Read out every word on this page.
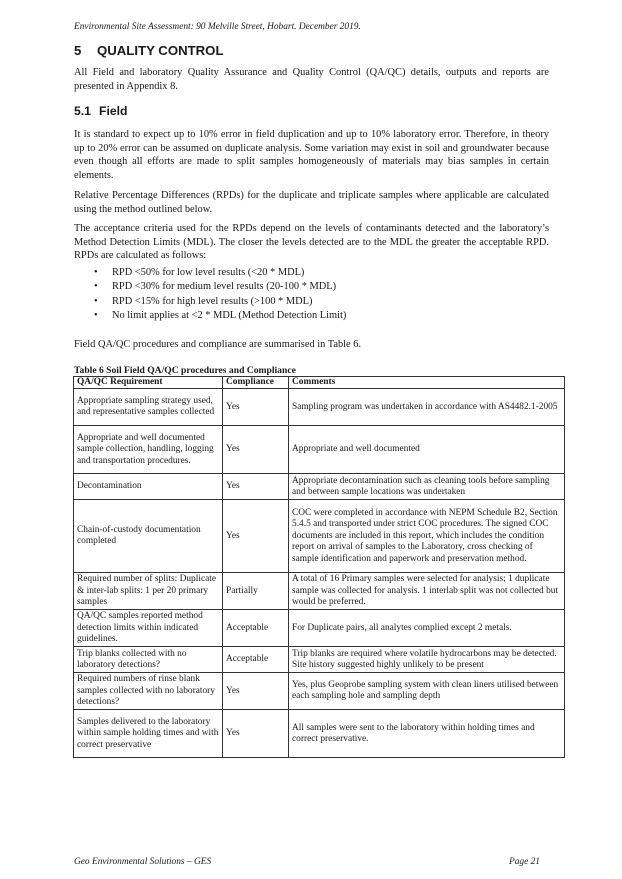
Environmental Site Assessment: 90 Melville Street, Hobart. December 2019.
5 QUALITY CONTROL
All Field and laboratory Quality Assurance and Quality Control (QA/QC) details, outputs and reports are presented in Appendix 8.
5.1 Field
It is standard to expect up to 10% error in field duplication and up to 10% laboratory error. Therefore, in theory up to 20% error can be assumed on duplicate analysis. Some variation may exist in soil and groundwater because even though all efforts are made to split samples homogeneously of materials may bias samples in certain elements.
Relative Percentage Differences (RPDs) for the duplicate and triplicate samples where applicable are calculated using the method outlined below.
The acceptance criteria used for the RPDs depend on the levels of contaminants detected and the laboratory’s Method Detection Limits (MDL). The closer the levels detected are to the MDL the greater the acceptable RPD. RPDs are calculated as follows:
• RPD <50% for low level results (<20 * MDL)
• RPD <30% for medium level results (20-100 * MDL)
• RPD <15% for high level results (>100 * MDL)
• No limit applies at <2 * MDL (Method Detection Limit)
Field QA/QC procedures and compliance are summarised in Table 6.
Table 6 Soil Field QA/QC procedures and Compliance
QA/QC Requirement	Compliance	Comments
Appropriate sampling strategy used, and representative samples collected	Yes	Sampling program was undertaken in accordance with AS4482.1-2005
Appropriate and well documented sample collection, handling, logging and transportation procedures.	Yes	Appropriate and well documented
Decontamination	Yes	Appropriate decontamination such as cleaning tools before sampling and between sample locations was undertaken
Chain-of-custody documentation completed	Yes	COC were completed in accordance with NEPM Schedule B2, Section 5.4.5 and transported under strict COC procedures. The signed COC documents are included in this report, which includes the condition report on arrival of samples to the Laboratory, cross checking of sample identification and paperwork and preservation method.
Required number of splits: Duplicate & inter-lab splits: 1 per 20 primary samples	Partially	A total of 16 Primary samples were selected for analysis; 1 duplicate sample was collected for analysis. 1 interlab split was not collected but would be preferred.
QA/QC samples reported method detection limits within indicated guidelines.	Acceptable	For Duplicate pairs, all analytes complied except 2 metals.
Trip blanks collected with no laboratory detections?	Acceptable	Trip blanks are required where volatile hydrocarbons may be detected. Site history suggested highly unlikely to be present
Required numbers of rinse blank samples collected with no laboratory detections?	Yes	Yes, plus Geoprobe sampling system with clean liners utilised between each sampling hole and sampling depth
Samples delivered to the laboratory within sample holding times and with correct preservative	Yes	All samples were sent to the laboratory within holding times and correct preservative.
Geo Environmental Solutions – GES	Page 21
